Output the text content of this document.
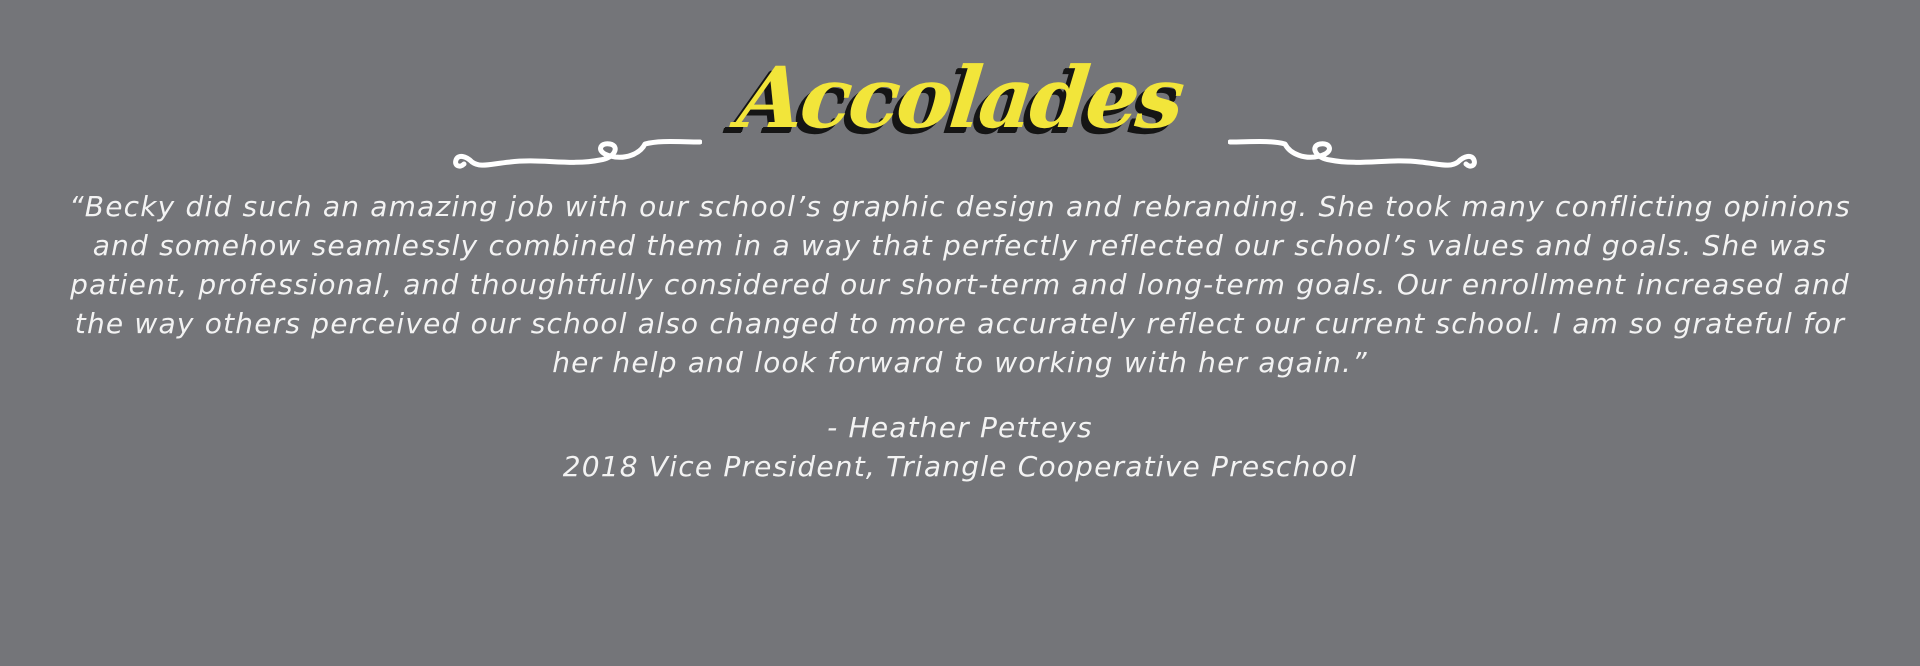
Accolades

“Becky did such an amazing job with our school’s graphic design and rebranding. She took many conflicting opinions and somehow seamlessly combined them in a way that perfectly reflected our school’s values and goals. She was patient, professional, and thoughtfully considered our short-term and long-term goals. Our enrollment increased and the way others perceived our school also changed to more accurately reflect our current school. I am so grateful for her help and look forward to working with her again.”

- Heather Petteys
2018 Vice President, Triangle Cooperative Preschool
